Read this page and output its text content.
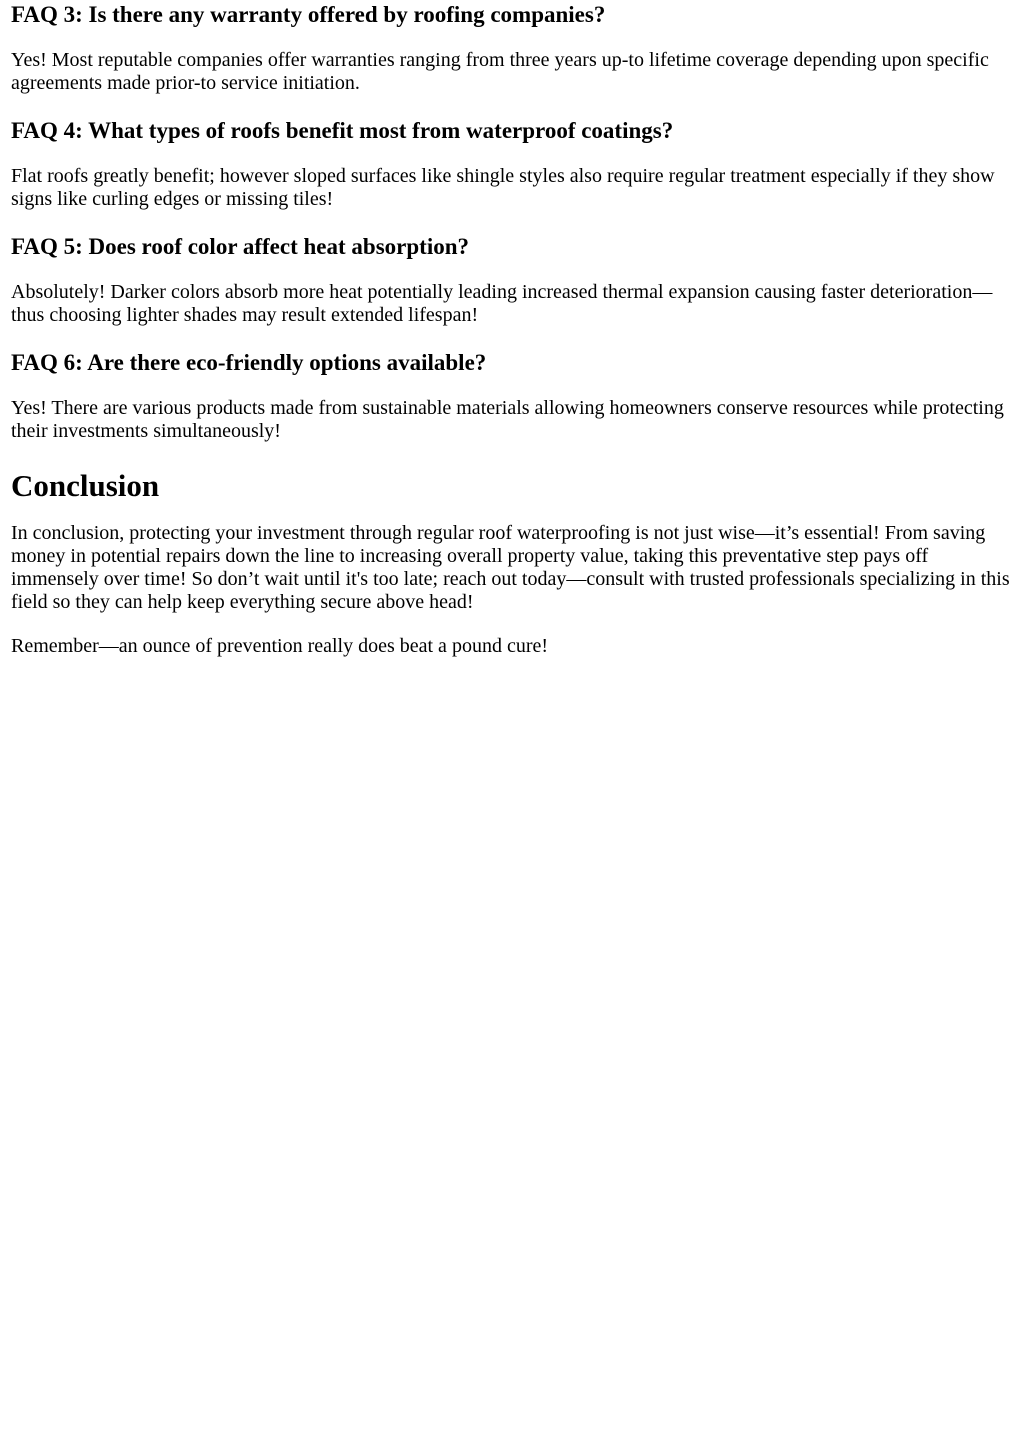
FAQ 3: Is there any warranty offered by roofing companies?

Yes! Most reputable companies offer warranties ranging from three years up-to lifetime coverage depending upon specific agreements made prior-to service initiation.

FAQ 4: What types of roofs benefit most from waterproof coatings?

Flat roofs greatly benefit; however sloped surfaces like shingle styles also require regular treatment especially if they show signs like curling edges or missing tiles!

FAQ 5: Does roof color affect heat absorption?

Absolutely! Darker colors absorb more heat potentially leading increased thermal expansion causing faster deterioration—thus choosing lighter shades may result extended lifespan!

FAQ 6: Are there eco-friendly options available?

Yes! There are various products made from sustainable materials allowing homeowners conserve resources while protecting their investments simultaneously!

Conclusion

In conclusion, protecting your investment through regular roof waterproofing is not just wise—it’s essential! From saving money in potential repairs down the line to increasing overall property value, taking this preventative step pays off immensely over time! So don’t wait until it's too late; reach out today—consult with trusted professionals specializing in this field so they can help keep everything secure above head!

Remember—an ounce of prevention really does beat a pound cure!
